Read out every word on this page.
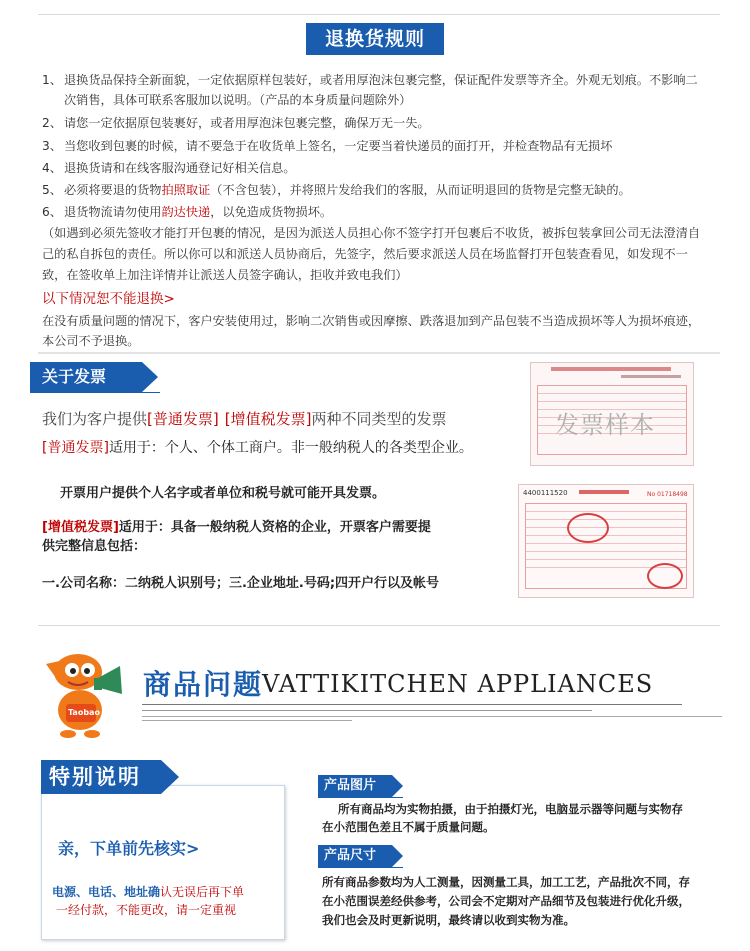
退换货规则
1、 退换货品保持全新面貌，一定依据原样包装好，或者用厚泡沫包裹完整，保证配件发票等齐全。外观无划痕。不影响二
次销售，具体可联系客服加以说明。（产品的本身质量问题除外）
2、 请您一定依据原包装裹好，或者用厚泡沫包裹完整，确保万无一失。
3、 当您收到包裹的时候，请不要急于在收货单上签名，一定要当着快递员的面打开，并检查物品有无损坏
4、 退换货请和在线客服沟通登记好相关信息。
5、 必须将要退的货物拍照取证（不含包装），并将照片发给我们的客服，从而证明退回的货物是完整无缺的。
6、 退货物流请勿使用韵达快递，以免造成货物损坏。
（如遇到必须先签收才能打开包裹的情况，是因为派送人员担心你不签字打开包裹后不收货，被拆包装拿回公司无法澄清自
己的私自拆包的责任。所以你可以和派送人员协商后，先签字，然后要求派送人员在场监督打开包装查看见，如发现不一
致，在签收单上加注详情并让派送人员签字确认，拒收并致电我们）
以下情况恕不能退换>
在没有质量问题的情况下，客户安装使用过，影响二次销售或因摩擦、跌落退加到产品包装不当造成损坏等人为损坏痕迹，
本公司不予退换。
关于发票
我们为客户提供[普通发票] [增值税发票]两种不同类型的发票
[普通发票]适用于：个人、个体工商户。非一般纳税人的各类型企业。
开票用户提供个人名字或者单位和税号就可能开具发票。
[增值税发票]适用于：具备一般纳税人资格的企业，开票客户需要提
供完整信息包括：
一.公司名称：二纳税人识别号；三.企业地址.号码;四开户行以及帐号
发票样本
4400111520	No 01718498
Taobao
商品问题
VATTIKITCHEN APPLIANCES
特别说明
亲，下单前先核实>
电源、电话、地址确认无误后再下单
一经付款，不能更改，请一定重视
产品图片
所有商品均为实物拍摄，由于拍摄灯光，电脑显示器等问题与实物存
在小范围色差且不属于质量问题。
产品尺寸
所有商品参数均为人工测量，因测量工具，加工工艺，产品批次不同，存
在小范围误差经供参考，公司会不定期对产品细节及包装进行优化升级，
我们也会及时更新说明，最终请以收到实物为准。
